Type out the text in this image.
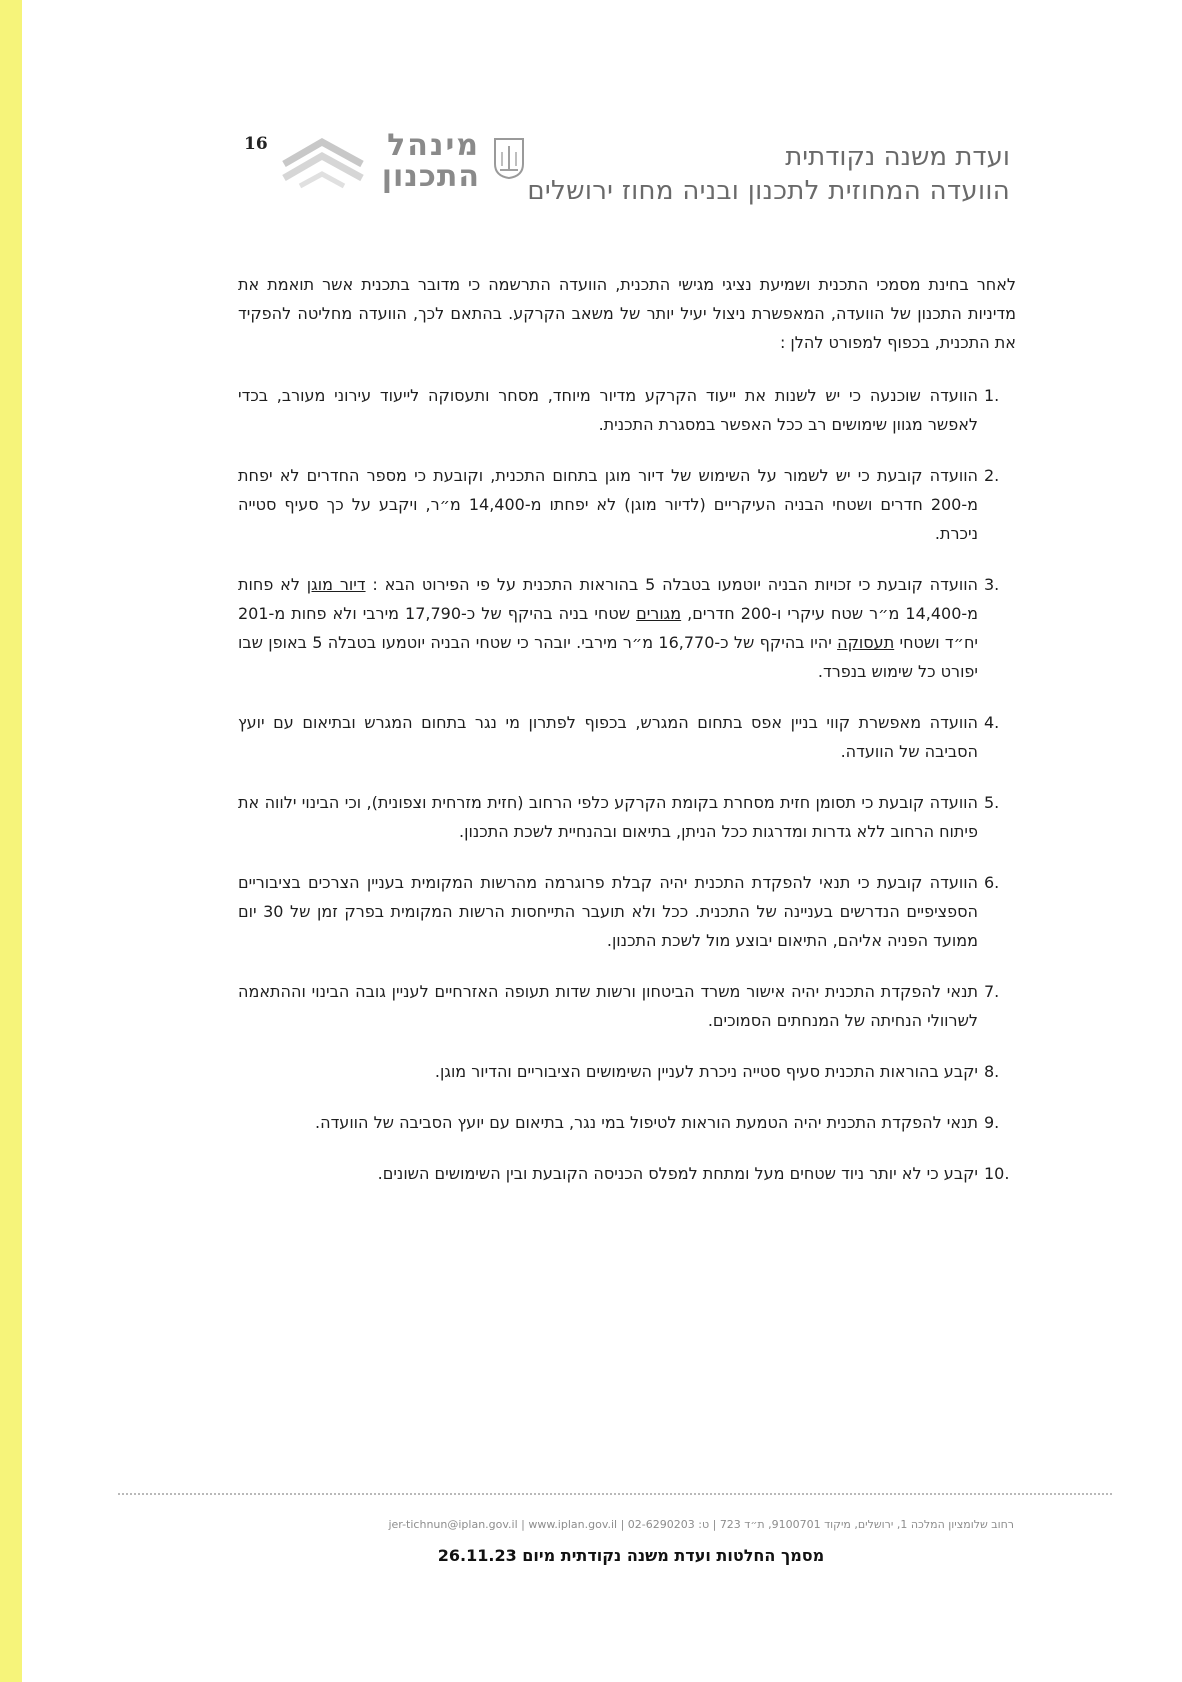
16	מינהל
התכנון
ועדת משנה נקודתית
הוועדה המחוזית לתכנון ובניה מחוז ירושלים

לאחר בחינת מסמכי התכנית ושמיעת נציגי מגישי התכנית, הוועדה התרשמה כי מדובר בתכנית אשר תואמת את מדיניות התכנון של הוועדה, המאפשרת ניצול יעיל יותר של משאב הקרקע. בהתאם לכך, הוועדה מחליטה להפקיד את התכנית, בכפוף למפורט להלן :

1.
הוועדה שוכנעה כי יש לשנות את ייעוד הקרקע מדיור מיוחד, מסחר ותעסוקה לייעוד עירוני מעורב, בכדי לאפשר מגוון שימושים רב ככל האפשר במסגרת התכנית.
2.
הוועדה קובעת כי יש לשמור על השימוש של דיור מוגן בתחום התכנית, וקובעת כי מספר החדרים לא יפחת מ-200 חדרים ושטחי הבניה העיקריים (לדיור מוגן) לא יפחתו מ-14,400 מ״ר, ויקבע על כך סעיף סטייה ניכרת.
3.
הוועדה קובעת כי זכויות הבניה יוטמעו בטבלה 5 בהוראות התכנית על פי הפירוט הבא : דיור מוגן לא פחות מ-14,400 מ״ר שטח עיקרי ו-200 חדרים, מגורים שטחי בניה בהיקף של כ-17,790 מירבי ולא פחות מ-201 יח״ד ושטחי תעסוקה יהיו בהיקף של כ-16,770 מ״ר מירבי. יובהר כי שטחי הבניה יוטמעו בטבלה 5 באופן שבו יפורט כל שימוש בנפרד.
4.
הוועדה מאפשרת קווי בניין אפס בתחום המגרש, בכפוף לפתרון מי נגר בתחום המגרש ובתיאום עם יועץ הסביבה של הוועדה.
5.
הוועדה קובעת כי תסומן חזית מסחרת בקומת הקרקע כלפי הרחוב (חזית מזרחית וצפונית), וכי הבינוי ילווה את פיתוח הרחוב ללא גדרות ומדרגות ככל הניתן, בתיאום ובהנחיית לשכת התכנון.
6.
הוועדה קובעת כי תנאי להפקדת התכנית יהיה קבלת פרוגרמה מהרשות המקומית בעניין הצרכים בציבוריים הספציפיים הנדרשים בעניינה של התכנית. ככל ולא תועבר התייחסות הרשות המקומית בפרק זמן של 30 יום ממועד הפניה אליהם, התיאום יבוצע מול לשכת התכנון.
7.
תנאי להפקדת התכנית יהיה אישור משרד הביטחון ורשות שדות תעופה האזרחיים לעניין גובה הבינוי וההתאמה לשרוולי הנחיתה של המנחתים הסמוכים.
8.
יקבע בהוראות התכנית סעיף סטייה ניכרת לעניין השימושים הציבוריים והדיור מוגן.
9.
תנאי להפקדת התכנית יהיה הטמעת הוראות לטיפול במי נגר, בתיאום עם יועץ הסביבה של הוועדה.
10.
יקבע כי לא יותר ניוד שטחים מעל ומתחת למפלס הכניסה הקובעת ובין השימושים השונים.
רחוב שלומציון המלכה 1, ירושלים, מיקוד 9100701, ת״ד 723 | ט: 02-6290203 | jer-tichnun@iplan.gov.il | www.iplan.gov.il
מסמך החלטות ועדת משנה נקודתית מיום 26.11.23
